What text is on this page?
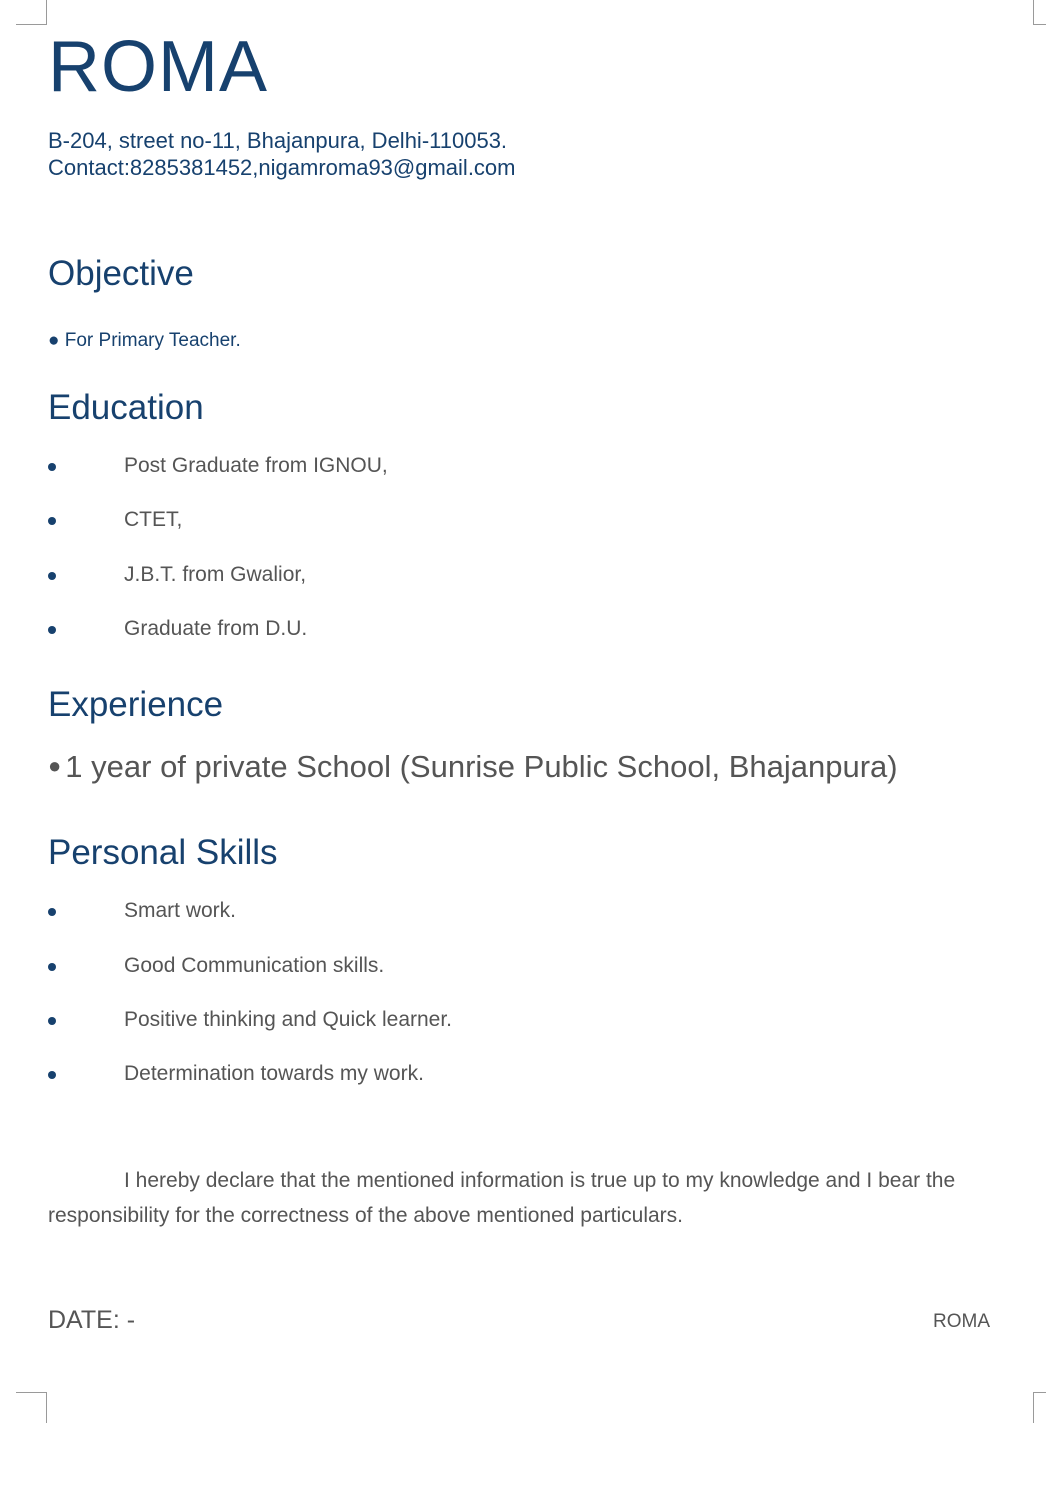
ROMA
B-204, street no-11, Bhajanpura, Delhi-110053.
Contact:8285381452,nigamroma93@gmail.com
Objective
● For Primary Teacher.
Education
Post Graduate from IGNOU,
CTET,
J.B.T. from Gwalior,
Graduate from D.U.
Experience
● 1 year of private School (Sunrise Public School, Bhajanpura)
Personal Skills
Smart work.
Good Communication skills.
Positive thinking and Quick learner.
Determination towards my work.
I hereby declare that the mentioned information is true up to my knowledge and I bear the responsibility for the correctness of the above mentioned particulars.
DATE: -	ROMA
